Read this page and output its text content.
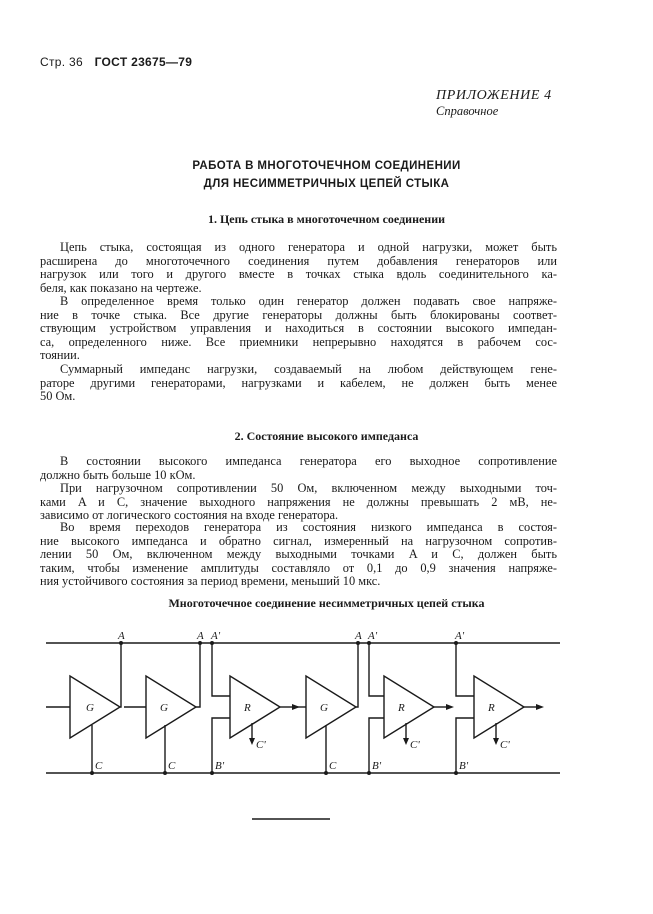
Стр. 36 ГОСТ 23675—79
ПРИЛОЖЕНИЕ 4
Справочное
РАБОТА В МНОГОТОЧЕЧНОМ СОЕДИНЕНИИ
ДЛЯ НЕСИММЕТРИЧНЫХ ЦЕПЕЙ СТЫКА
1. Цепь стыка в многоточечном соединении
Цепь стыка, состоящая из одного генератора и одной нагрузки, может быть
расширена до многоточечного соединения путем добавления генераторов или
нагрузок или того и другого вместе в точках стыка вдоль соединительного ка-
беля, как показано на чертеже.
В определенное время только один генератор должен подавать свое напряже-
ние в точке стыка. Все другие генераторы должны быть блокированы соответ-
ствующим устройством управления и находиться в состоянии высокого импедан-
са, определенного ниже. Все приемники непрерывно находятся в рабочем сос-
тоянии.
Суммарный импеданс нагрузки, создаваемый на любом действующем гене-
раторе другими генераторами, нагрузками и кабелем, не должен быть менее
50 Ом.
2. Состояние высокого импеданса
В состоянии высокого импеданса генератора его выходное сопротивление
должно быть больше 10 кОм.
При нагрузочном сопротивлении 50 Ом, включенном между выходными точ-
ками A и C, значение выходного напряжения не должны превышать 2 мВ, не-
зависимо от логического состояния на входе генератора.
Во время переходов генератора из состояния низкого импеданса в состоя-
ние высокого импеданса и обратно сигнал, измеренный на нагрузочном сопротив-
лении 50 Ом, включенном между выходными точками A и C, должен быть
таким, чтобы изменение амплитуды составляло от 0,1 до 0,9 значения напряже-
ния устойчивого состояния за период времени, меньший 10 мкс.
Многоточечное соединение несимметричных цепей стыка
G	G	R	G	R	R
A	A A'	A A'	A'
C	C	B'	C	B'	B'
C'	C'	C'
